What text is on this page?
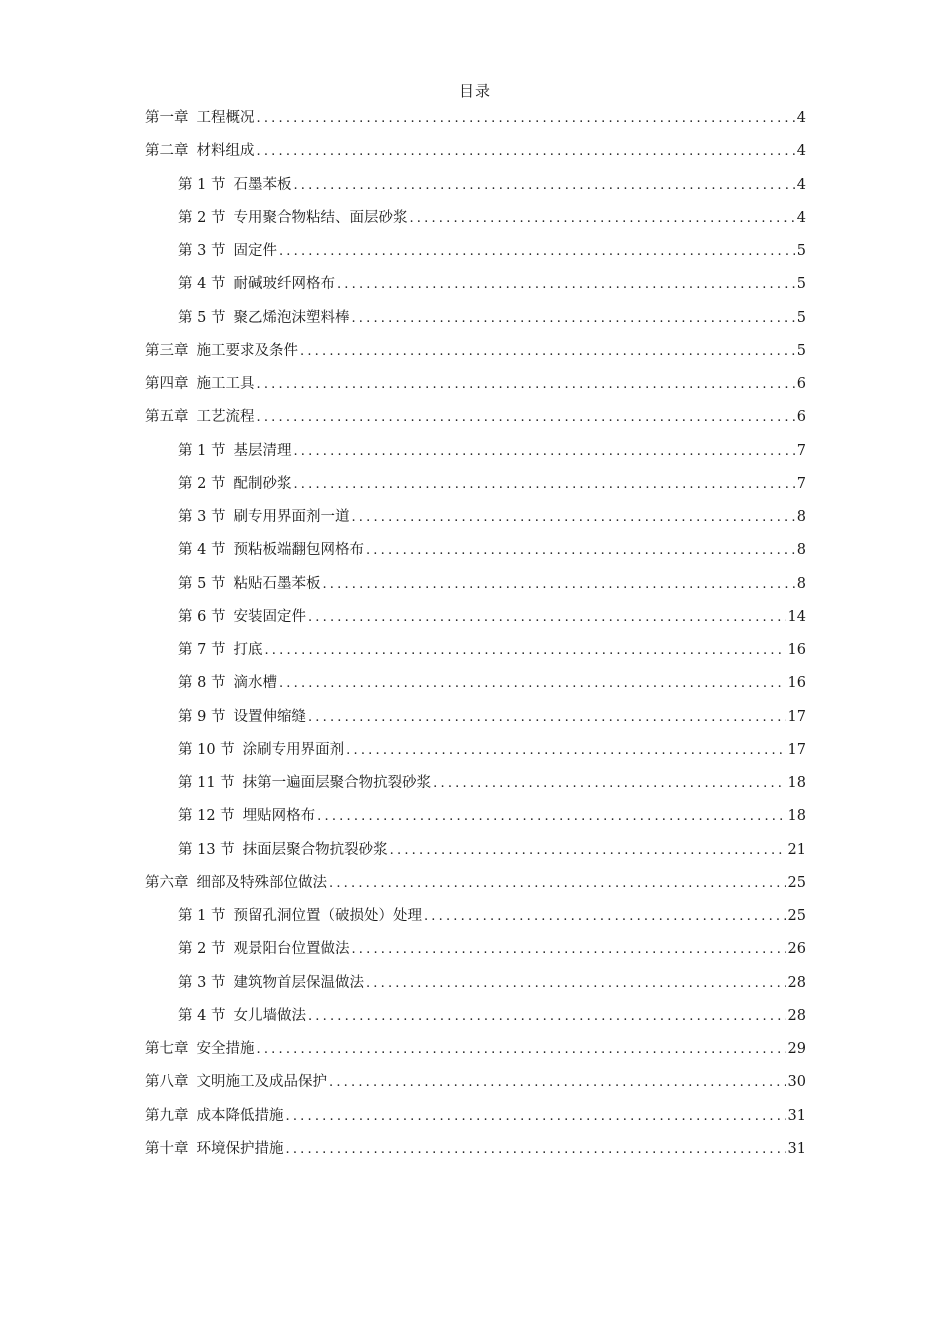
目录
第一章 工程概况 .....	4
第二章 材料组成 .....	4
第 1 节 石墨苯板 .....	4
第 2 节 专用聚合物粘结、面层砂浆 .....	4
第 3 节 固定件 .....	5
第 4 节 耐碱玻纤网格布 .....	5
第 5 节 聚乙烯泡沫塑料棒 .....	5
第三章 施工要求及条件 .....	5
第四章 施工工具 .....	6
第五章 工艺流程 .....	6
第 1 节 基层清理 .....	7
第 2 节 配制砂浆 .....	7
第 3 节 刷专用界面剂一道 .....	8
第 4 节 预粘板端翻包网格布 .....	8
第 5 节 粘贴石墨苯板 .....	8
第 6 节 安装固定件 .....	14
第 7 节 打底 .....	16
第 8 节 滴水槽 .....	16
第 9 节 设置伸缩缝 .....	17
第 10 节 涂刷专用界面剂 .....	17
第 11 节 抹第一遍面层聚合物抗裂砂浆 .....	18
第 12 节 埋贴网格布 .....	18
第 13 节 抹面层聚合物抗裂砂浆 .....	21
第六章 细部及特殊部位做法 .....	25
第 1 节 预留孔洞位置（破损处）处理 .....	25
第 2 节 观景阳台位置做法 .....	26
第 3 节 建筑物首层保温做法 .....	28
第 4 节 女儿墙做法 .....	28
第七章 安全措施 .....	29
第八章 文明施工及成品保护 .....	30
第九章 成本降低措施 .....	31
第十章 环境保护措施 .....	31
